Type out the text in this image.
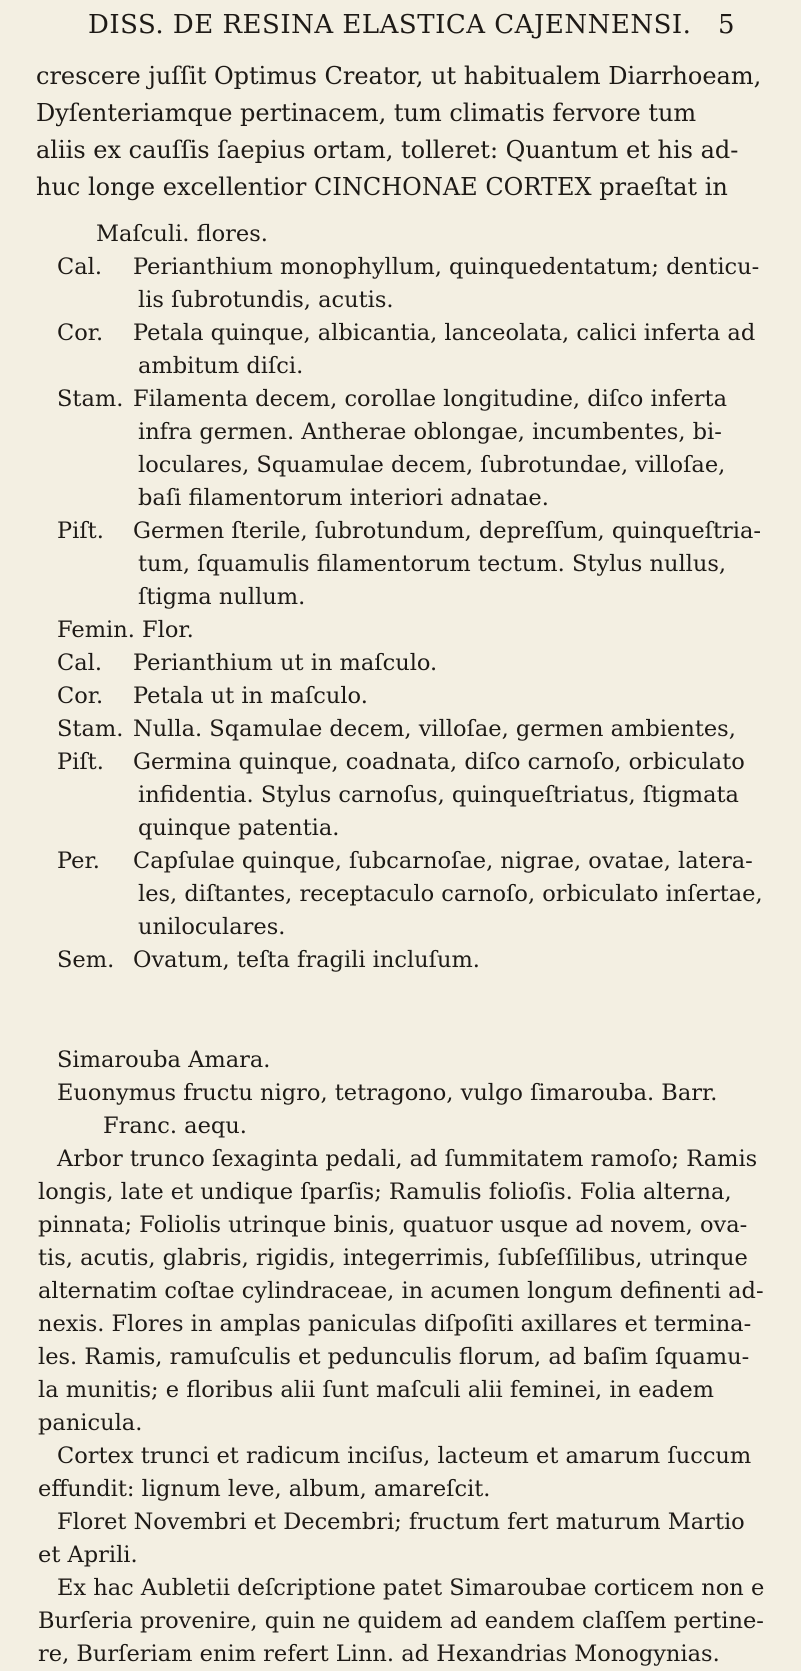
DISS. DE RESINA ELASTICA CAJENNENSI. 5
crescere juſſit Optimus Creator, ut habitualem Diarrhoeam,
Dyſenteriamque pertinacem, tum climatis fervore tum
aliis ex cauſſis ſaepius ortam, tolleret: Quantum et his ad-
huc longe excellentior CINCHONAE CORTEX praeſtat in
Maſculi. flores.
Cal. Perianthium monophyllum, quinquedentatum; denticu-
lis ſubrotundis, acutis.
Cor. Petala quinque, albicantia, lanceolata, calici inferta ad
ambitum diſci.
Stam. Filamenta decem, corollae longitudine, diſco inferta
infra germen. Antherae oblongae, incumbentes, bi-
loculares, Squamulae decem, ſubrotundae, villoſae,
baſi filamentorum interiori adnatae.
Piſt. Germen ſterile, ſubrotundum, depreſſum, quinqueſtria-
tum, ſquamulis filamentorum tectum. Stylus nullus,
ſtigma nullum.
Femin. Flor.
Cal. Perianthium ut in maſculo.
Cor. Petala ut in maſculo.
Stam. Nulla. Sqamulae decem, villoſae, germen ambientes,
Piſt. Germina quinque, coadnata, diſco carnoſo, orbiculato
infidentia. Stylus carnoſus, quinqueſtriatus, ſtigmata
quinque patentia.
Per. Capſulae quinque, ſubcarnoſae, nigrae, ovatae, latera-
les, diſtantes, receptaculo carnoſo, orbiculato inſertae,
uniloculares.
Sem. Ovatum, teſta fragili incluſum.
Simarouba Amara.
Euonymus fructu nigro, tetragono, vulgo ſimarouba. Barr.
Franc. aequ.
Arbor trunco ſexaginta pedali, ad ſummitatem ramoſo; Ramis
longis, late et undique ſparſis; Ramulis folioſis. Folia alterna,
pinnata; Foliolis utrinque binis, quatuor usque ad novem, ova-
tis, acutis, glabris, rigidis, integerrimis, ſubſeſſilibus, utrinque
alternatim coſtae cylindraceae, in acumen longum definenti ad-
nexis. Flores in amplas paniculas diſpoſiti axillares et termina-
les. Ramis, ramuſculis et pedunculis florum, ad baſim ſquamu-
la munitis; e floribus alii ſunt maſculi alii feminei, in eadem
panicula.
Cortex trunci et radicum inciſus, lacteum et amarum ſuccum
effundit: lignum leve, album, amareſcit.
Floret Novembri et Decembri; fructum fert maturum Martio
et Aprili.
Ex hac Aubletii deſcriptione patet Simaroubae corticem non e
Burſeria provenire, quin ne quidem ad eandem claſſem pertine-
re, Burſeriam enim refert Linn. ad Hexandrias Monogynias.
